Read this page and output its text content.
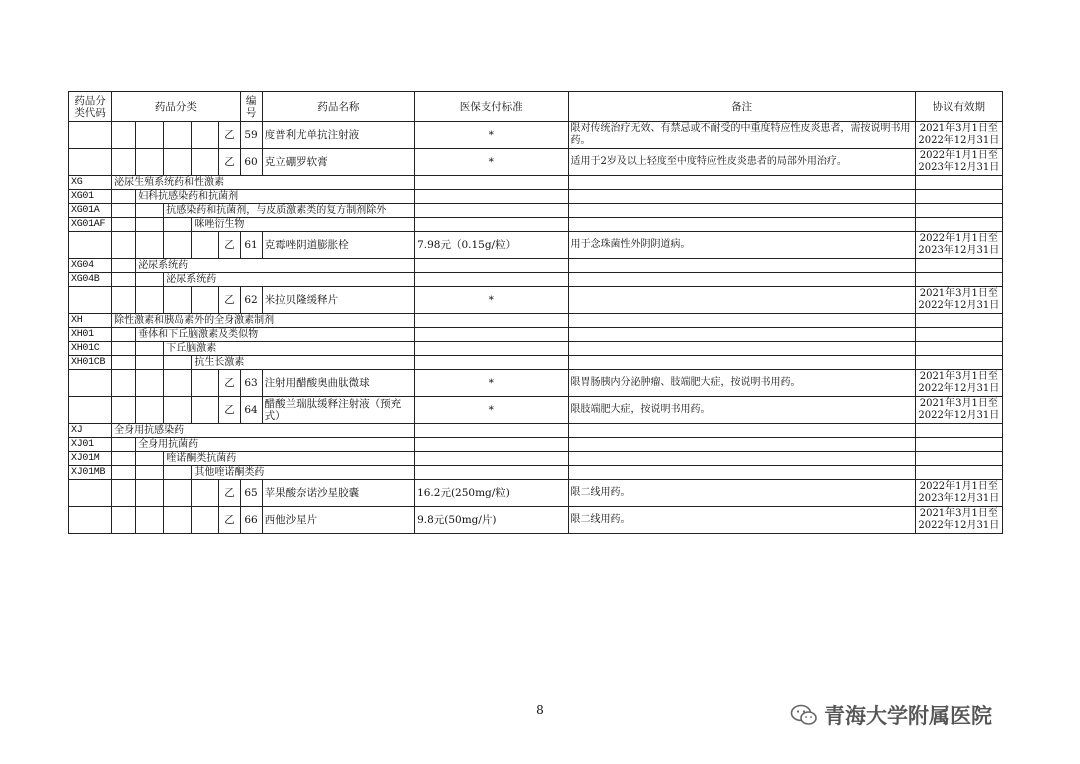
药品分类代码	药品分类					编号	药品名称	医保支付标准	备注	协议有效期
					乙	59	度普利尤单抗注射液	*	限对传统治疗无效、有禁忌或不耐受的中重度特应性皮炎患者，需按说明书用药。	2021年3月1日至2022年12月31日
					乙	60	克立硼罗软膏	*	适用于2岁及以上轻度至中度特应性皮炎患者的局部外用治疗。	2022年1月1日至2023年12月31日
XG	泌尿生殖系统药和性激素									
XG01		妇科抗感染药和抗菌剂								
XG01A			抗感染药和抗菌剂，与皮质激素类的复方制剂除外							
XG01AF				咪唑衍生物						
					乙	61	克霉唑阴道膨胀栓	7.98元（0.15g/粒）	用于念珠菌性外阴阴道病。	2022年1月1日至2023年12月31日
XG04		泌尿系统药								
XG04B			泌尿系统药							
					乙	62	米拉贝隆缓释片	*		2021年3月1日至2022年12月31日
XH	除性激素和胰岛素外的全身激素制剂									
XH01		垂体和下丘脑激素及类似物								
XH01C			下丘脑激素							
XH01CB				抗生长激素						
					乙	63	注射用醋酸奥曲肽微球	*	限胃肠胰内分泌肿瘤、肢端肥大症，按说明书用药。	2021年3月1日至2022年12月31日
					乙	64	醋酸兰瑞肽缓释注射液（预充式）	*	限肢端肥大症，按说明书用药。	2021年3月1日至2022年12月31日
XJ	全身用抗感染药									
XJ01		全身用抗菌药								
XJ01M			喹诺酮类抗菌药							
XJ01MB				其他喹诺酮类药						
					乙	65	苹果酸奈诺沙星胶囊	16.2元(250mg/粒)	限二线用药。	2022年1月1日至2023年12月31日
					乙	66	西他沙星片	9.8元(50mg/片)	限二线用药。	2021年3月1日至2022年12月31日
8	青海大学附属医院
